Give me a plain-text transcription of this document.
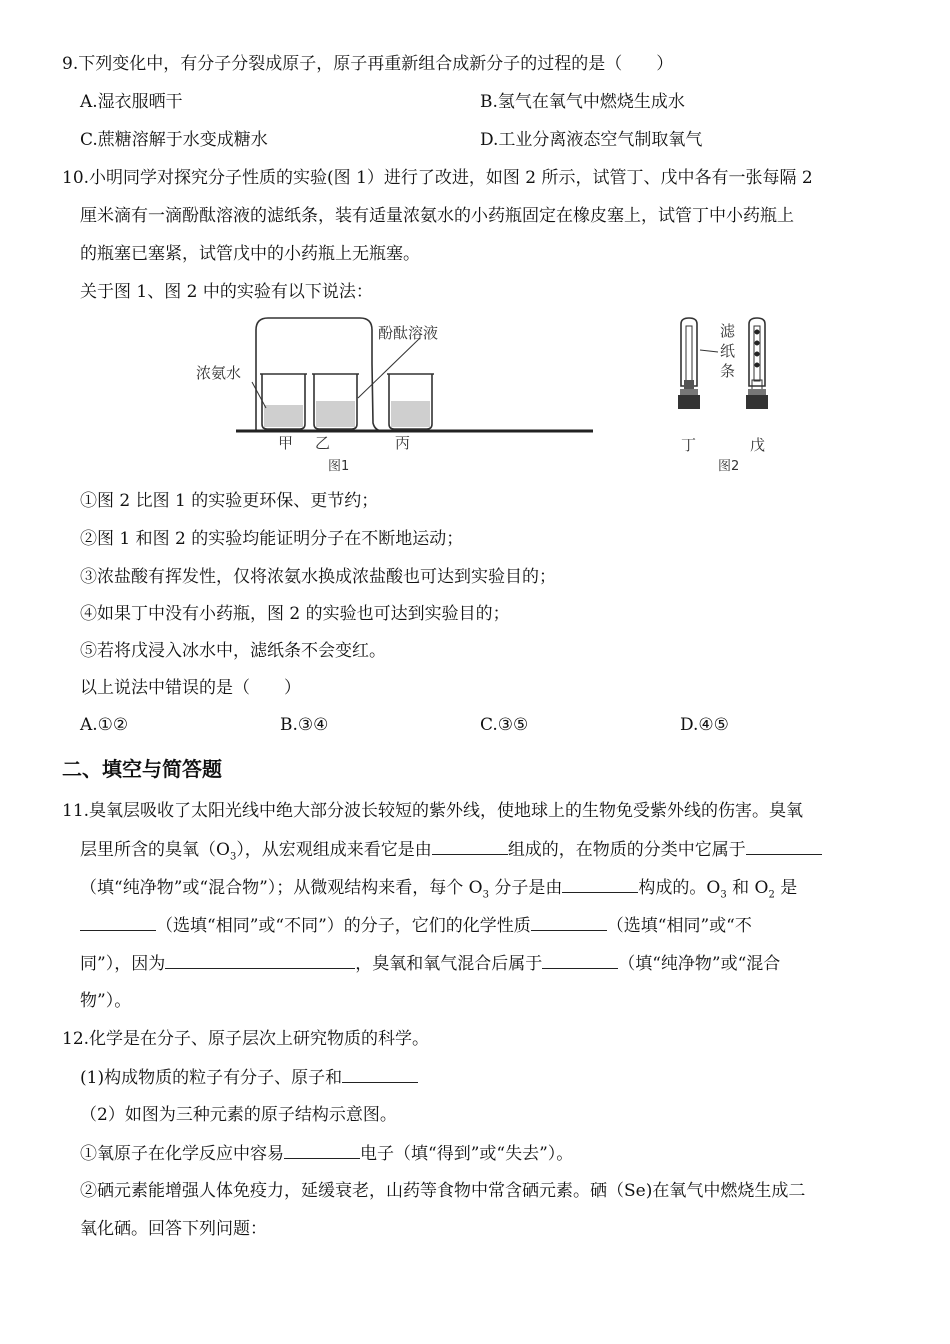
9.下列变化中，有分子分裂成原子，原子再重新组合成新分子的过程的是（　　）
A.湿衣服晒干	B.氢气在氧气中燃烧生成水
C.蔗糖溶解于水变成糖水	D.工业分离液态空气制取氧气
10.小明同学对探究分子性质的实验(图 1）进行了改进，如图 2 所示，试管丁、戊中各有一张每隔 2
厘米滴有一滴酚酞溶液的滤纸条，装有适量浓氨水的小药瓶固定在橡皮塞上，试管丁中小药瓶上
的瓶塞已塞紧，试管戊中的小药瓶上无瓶塞。
关于图 1、图 2 中的实验有以下说法：
浓氨水
酚酞溶液
甲 乙	丙
图1
滤
纸
条
丁	戊
图2
①图 2 比图 1 的实验更环保、更节约；
②图 1 和图 2 的实验均能证明分子在不断地运动；
③浓盐酸有挥发性，仅将浓氨水换成浓盐酸也可达到实验目的；
④如果丁中没有小药瓶，图 2 的实验也可达到实验目的；
⑤若将戊浸入冰水中，滤纸条不会变红。
以上说法中错误的是（　　）
A.①②	B.③④	C.③⑤	D.④⑤
二、填空与简答题
11.臭氧层吸收了太阳光线中绝大部分波长较短的紫外线，使地球上的生物免受紫外线的伤害。臭氧
层里所含的臭氧$(O_3)$，从宏观组成来看它是由	组成的，在物质的分类中它属于
（填“纯净物”或“混合物”）；从微观结构来看，每个 $O_3$ 分子是由	构成的。$O_3$ 和 $O_2$ 是
（选填“相同”或“不同”）的分子，它们的化学性质	（选填“相同”或“不
同”），因为	，臭氧和氧气混合后属于	（填“纯净物”或“混合
物”）。
12.化学是在分子、原子层次上研究物质的科学。
(1)构成物质的粒子有分子、原子和
（2）如图为三种元素的原子结构示意图。
①氧原子在化学反应中容易	电子（填“得到”或“失去”）。
②硒元素能增强人体免疫力，延缓衰老，山药等食物中常含硒元素。硒（Se)在氧气中燃烧生成二
氧化硒。回答下列问题：
